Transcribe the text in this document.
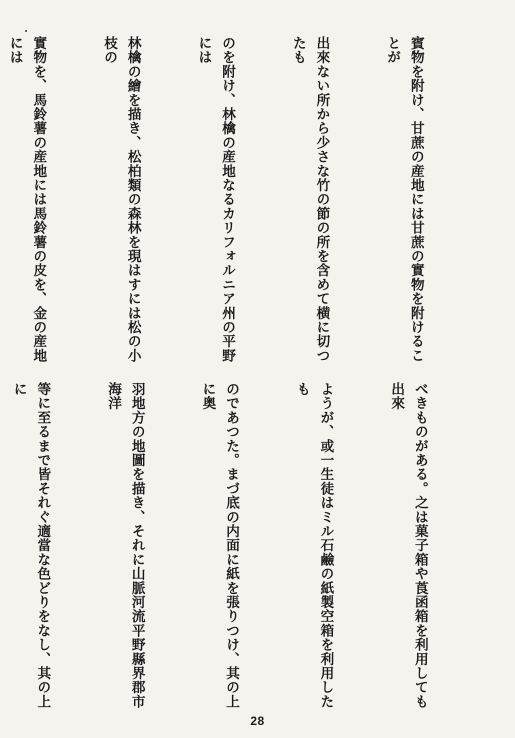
賓物を附け、甘蔗の産地には甘蔗の實物を附けることが

出來ない所から少さな竹の節の所を含めて横に切つたも

のを附け、林檎の産地なるカリフォルニア州の平野には

林檎の繪を描き、松柏類の森林を現はすには松の小枝の

實物を、馬鈴薯の産地には馬鈴薯の皮を、金の産地には

べきものがある。之は菓子箱や莨函箱を利用しても出來

ようが、或一生徒はミル石鹼の紙製空箱を利用したも

のであつた。まづ底の内面に紙を張りつけ、其の上に奥

羽地方の地圖を描き、それに山脈河流平野縣界郡市海洋

等に至るまで皆それぐ適當な色どりをなし、其の上に

28
